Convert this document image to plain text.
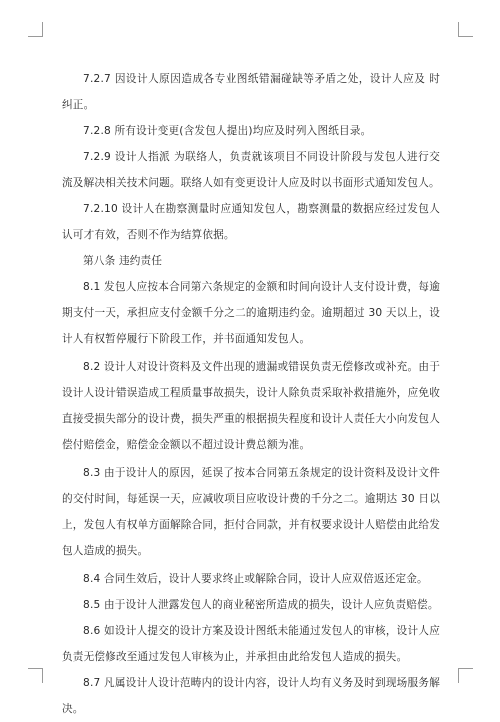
7.2.7 因设计人原因造成各专业图纸错漏碰缺等矛盾之处，设计人应及 时纠正。

7.2.8 所有设计变更(含发包人提出)均应及时列入图纸目录。

7.2.9 设计人指派 为联络人，负责就该项目不同设计阶段与发包人进行交流及解决相关技术问题。联络人如有变更设计人应及时以书面形式通知发包人。

7.2.10 设计人在勘察测量时应通知发包人，勘察测量的数据应经过发包人认可才有效，否则不作为结算依据。

第八条 违约责任

8.1 发包人应按本合同第六条规定的金额和时间向设计人支付设计费，每逾期支付一天，承担应支付金额千分之二的逾期违约金。逾期超过 30 天以上，设计人有权暂停履行下阶段工作，并书面通知发包人。

8.2 设计人对设计资料及文件出现的遗漏或错误负责无偿修改或补充。由于设计人设计错误造成工程质量事故损失，设计人除负责采取补救措施外，应免收直接受损失部分的设计费，损失严重的根据损失程度和设计人责任大小向发包人偿付赔偿金，赔偿金金额以不超过设计费总额为准。

8.3 由于设计人的原因，延误了按本合同第五条规定的设计资料及设计文件的交付时间，每延误一天，应减收项目应收设计费的千分之二。逾期达 30 日以上，发包人有权单方面解除合同，拒付合同款，并有权要求设计人赔偿由此给发包人造成的损失。

8.4 合同生效后，设计人要求终止或解除合同，设计人应双倍返还定金。

8.5 由于设计人泄露发包人的商业秘密所造成的损失，设计人应负责赔偿。

8.6 如设计人提交的设计方案及设计图纸未能通过发包人的审核，设计人应负责无偿修改至通过发包人审核为止，并承担由此给发包人造成的损失。

8.7 凡属设计人设计范畴内的设计内容，设计人均有义务及时到现场服务解决。
